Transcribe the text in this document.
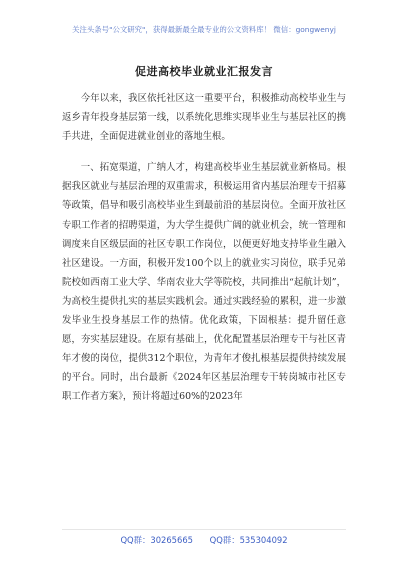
关注头条号"公文研究"，获得最新最全最专业的公文资料库！ 微信：gongwenyj
促进高校毕业就业汇报发言

今年以来，我区依托社区这一重要平台，积极推动高校毕业生与返乡青年投身基层第一线，以系统化思维实现毕业生与基层社区的携手共进，全面促进就业创业的落地生根。

一、拓宽渠道，广纳人才，构建高校毕业生基层就业新格局。根据我区就业与基层治理的双重需求，积极运用省内基层治理专干招募等政策，倡导和吸引高校毕业生到最前沿的基层岗位。全面开放社区专职工作者的招聘渠道，为大学生提供广阔的就业机会，统一管理和调度来自区级层面的社区专职工作岗位，以便更好地支持毕业生融入社区建设。一方面，积极开发100个以上的就业实习岗位，联手兄弟院校如西南工业大学、华南农业大学等院校，共同推出“起航计划”，为高校生提供扎实的基层实践机会。通过实践经验的累积，进一步激发毕业生投身基层工作的热情。优化政策，下固根基：提升留任意愿，夯实基层建设。在原有基础上，优化配置基层治理专干与社区青年才俊的岗位，提供312个职位，为青年才俊扎根基层提供持续发展的平台。同时，出台最新《2024年区基层治理专干转岗城市社区专职工作者方案》，预计将超过60%的2023年

QQ群：30265665 QQ群：535304092
